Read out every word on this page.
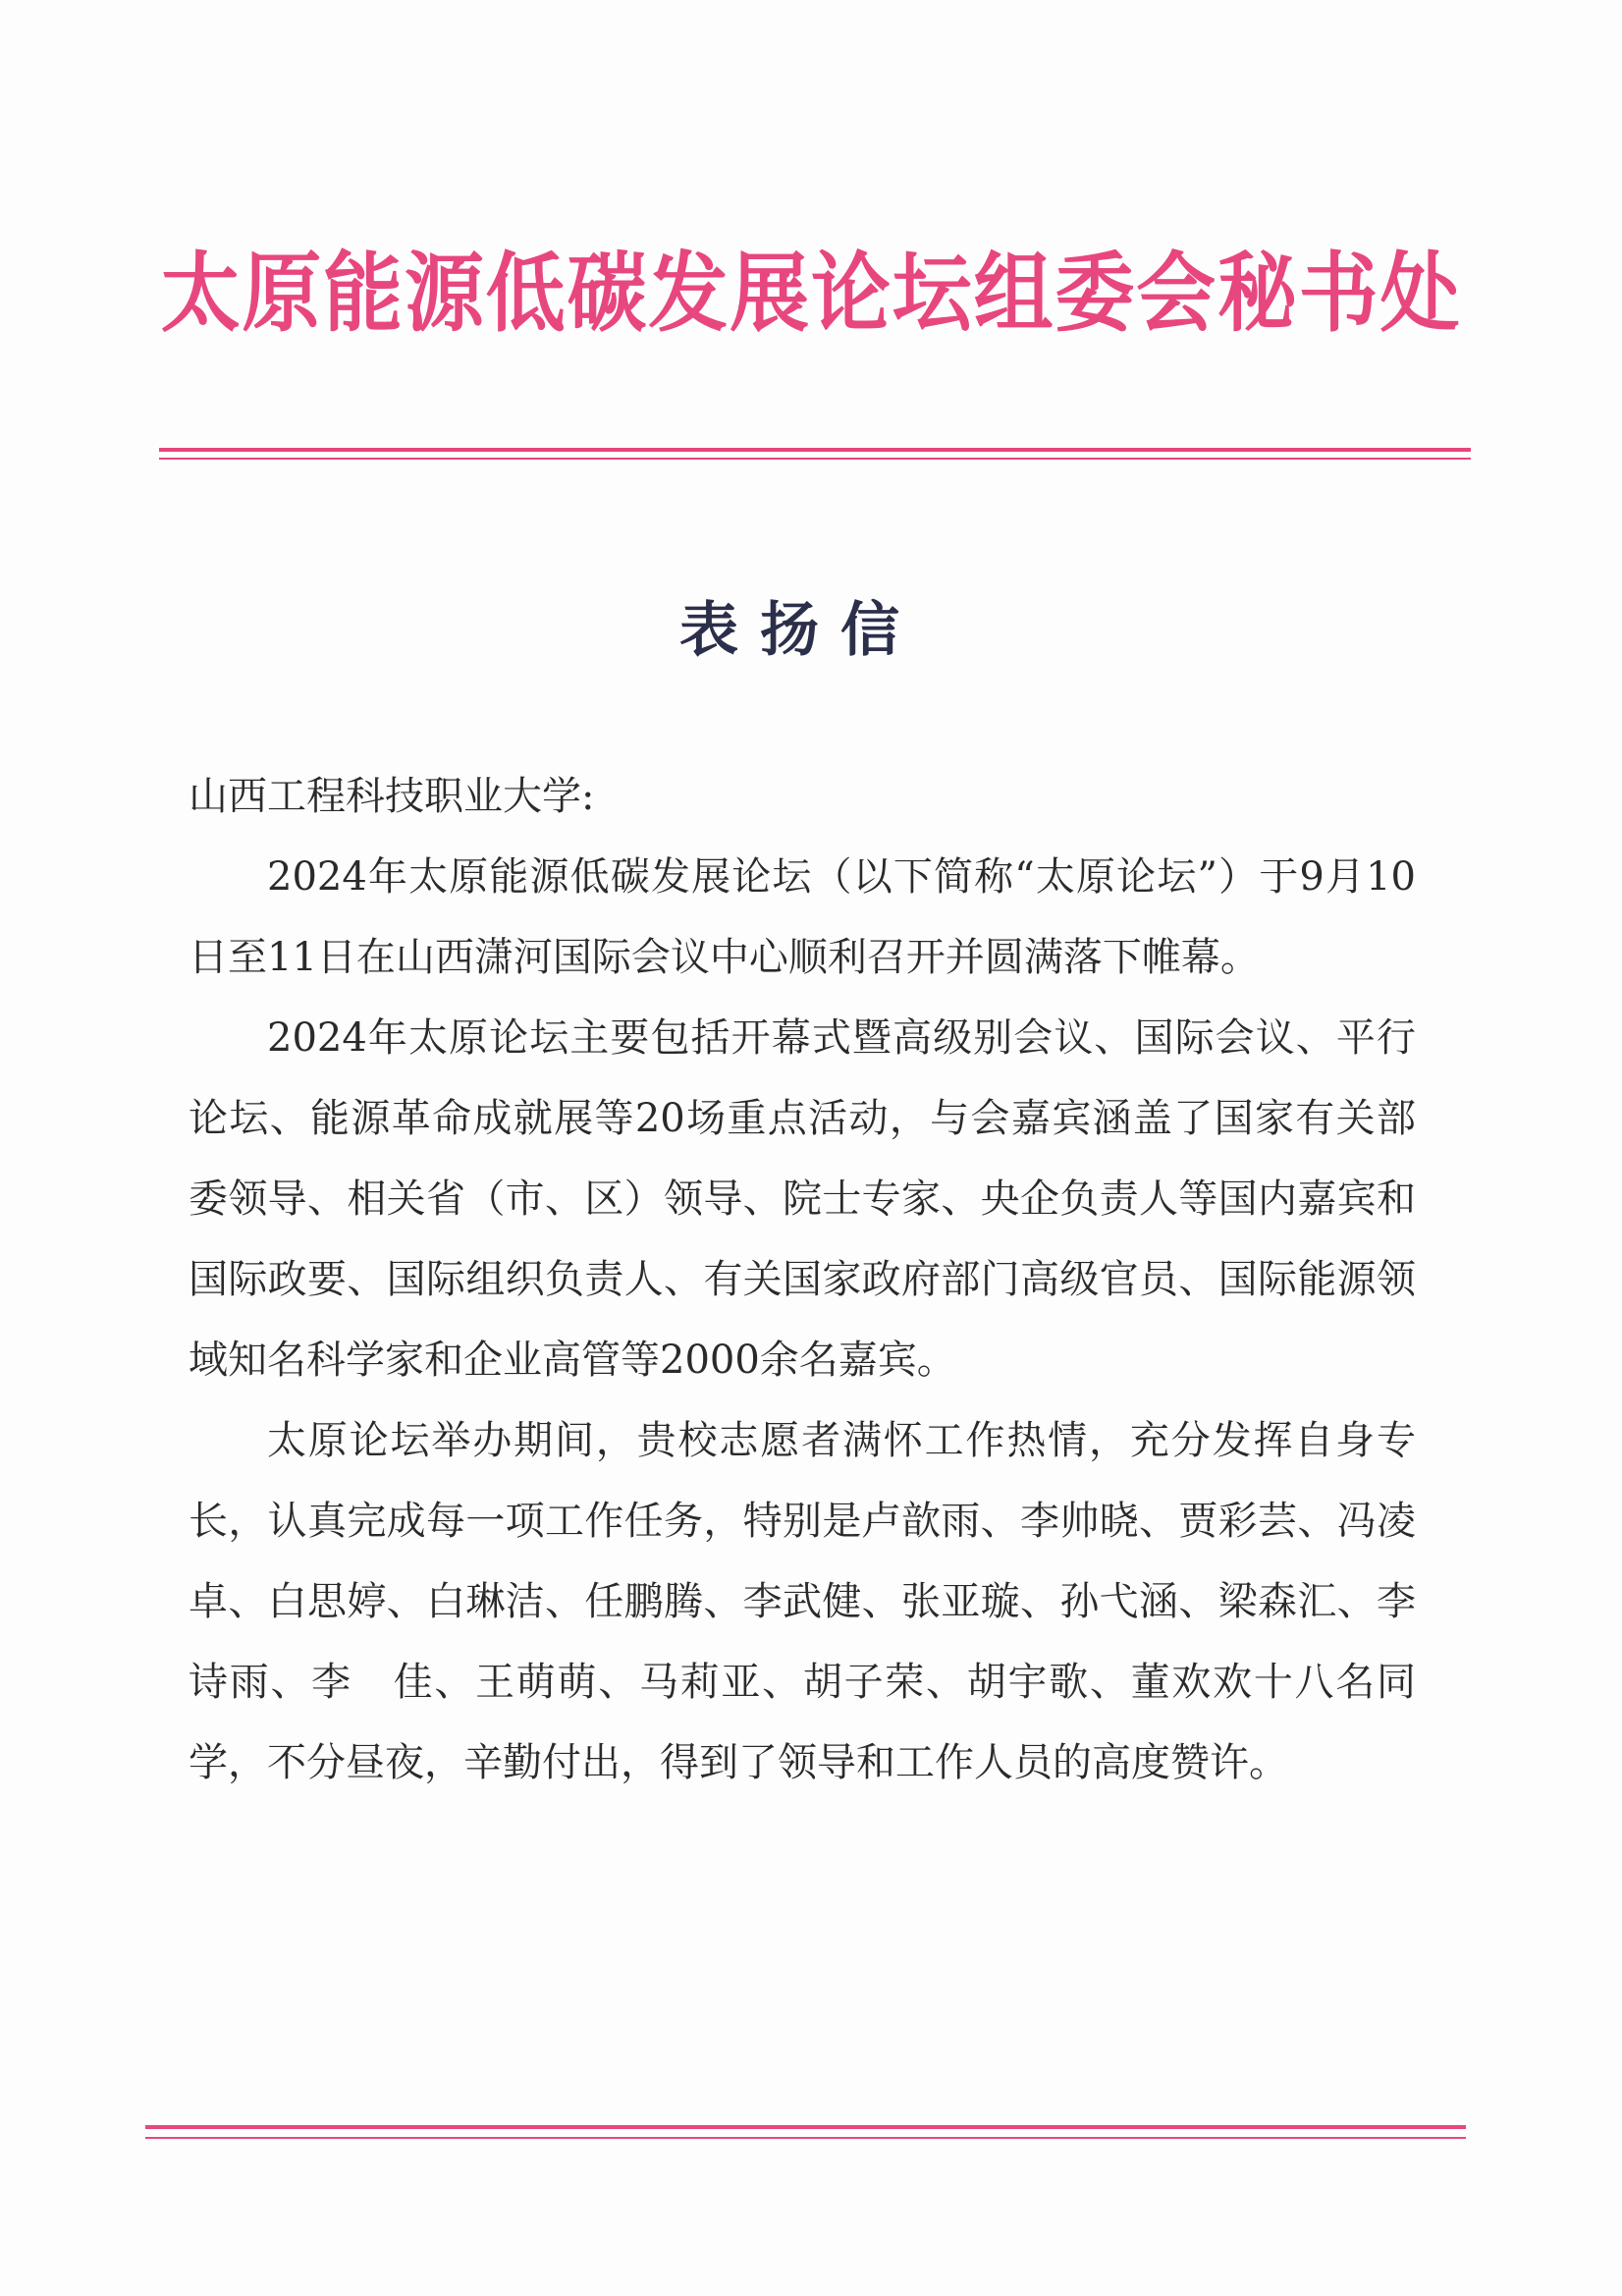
太原能源低碳发展论坛组委会秘书处
表扬信

山西工程科技职业大学:

2024年太原能源低碳发展论坛（以下简称“太原论坛”）于9月10日至11日在山西潇河国际会议中心顺利召开并圆满落下帷幕。

2024年太原论坛主要包括开幕式暨高级别会议、国际会议、平行论坛、能源革命成就展等20场重点活动，与会嘉宾涵盖了国家有关部委领导、相关省（市、区）领导、院士专家、央企负责人等国内嘉宾和国际政要、国际组织负责人、有关国家政府部门高级官员、国际能源领域知名科学家和企业高管等2000余名嘉宾。

太原论坛举办期间，贵校志愿者满怀工作热情，充分发挥自身专长，认真完成每一项工作任务，特别是卢歆雨、李帅晓、贾彩芸、冯凌卓、白思婷、白琳洁、任鹏腾、李武健、张亚璇、孙弋涵、梁森汇、李诗雨、李　佳、王萌萌、马莉亚、胡子荣、胡宇歌、董欢欢十八名同学，不分昼夜，辛勤付出，得到了领导和工作人员的高度赞许。
